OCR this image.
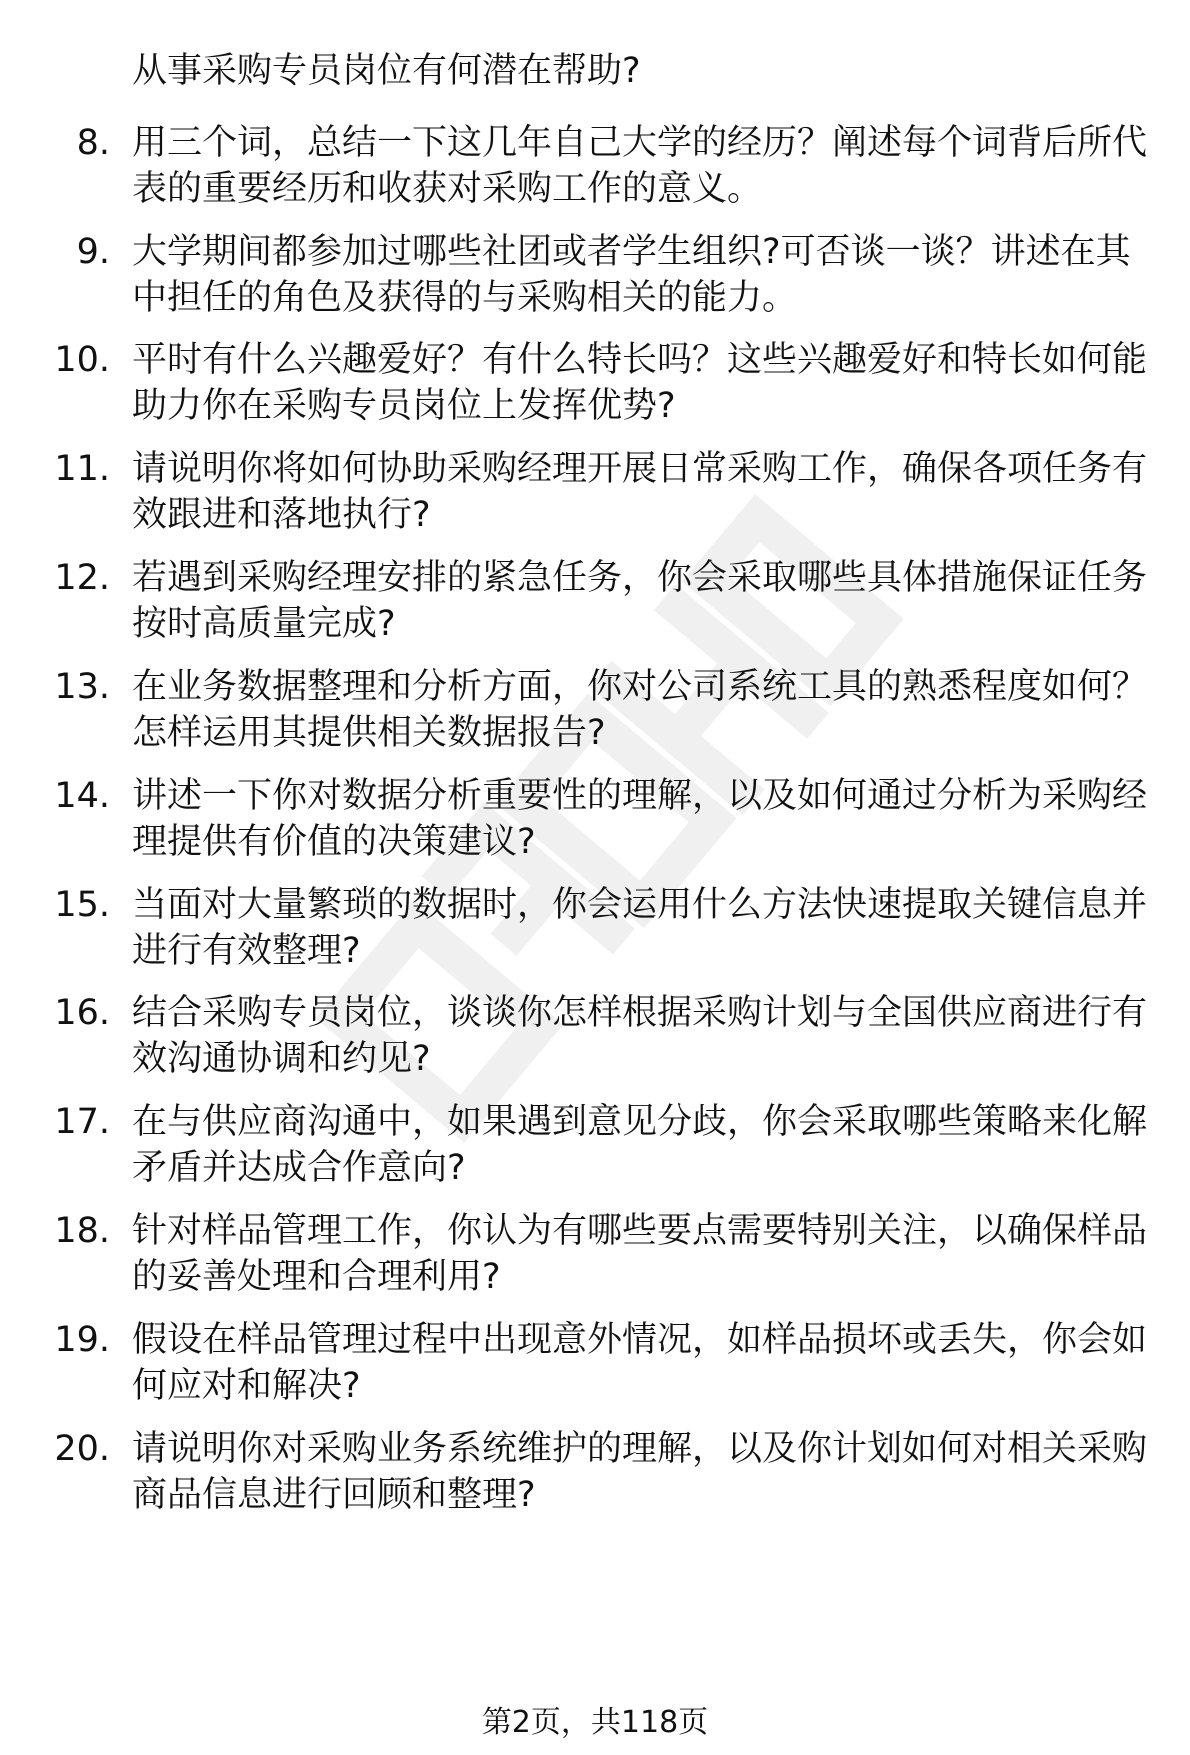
从事采购专员岗位有何潜在帮助?

8. 用三个词，总结一下这几年自己大学的经历？阐述每个词背后所代表的重要经历和收获对采购工作的意义。

9. 大学期间都参加过哪些社团或者学生组织?可否谈一谈？讲述在其中担任的角色及获得的与采购相关的能力。

10. 平时有什么兴趣爱好？有什么特长吗？这些兴趣爱好和特长如何能助力你在采购专员岗位上发挥优势?

11. 请说明你将如何协助采购经理开展日常采购工作，确保各项任务有效跟进和落地执行?

12. 若遇到采购经理安排的紧急任务，你会采取哪些具体措施保证任务按时高质量完成?

13. 在业务数据整理和分析方面，你对公司系统工具的熟悉程度如何？怎样运用其提供相关数据报告?

14. 讲述一下你对数据分析重要性的理解，以及如何通过分析为采购经理提供有价值的决策建议?

15. 当面对大量繁琐的数据时，你会运用什么方法快速提取关键信息并进行有效整理?

16. 结合采购专员岗位，谈谈你怎样根据采购计划与全国供应商进行有效沟通协调和约见?

17. 在与供应商沟通中，如果遇到意见分歧，你会采取哪些策略来化解矛盾并达成合作意向?

18. 针对样品管理工作，你认为有哪些要点需要特别关注，以确保样品的妥善处理和合理利用?

19. 假设在样品管理过程中出现意外情况，如样品损坏或丢失，你会如何应对和解决?

20. 请说明你对采购业务系统维护的理解，以及你计划如何对相关采购商品信息进行回顾和整理?

第2页，共118页
